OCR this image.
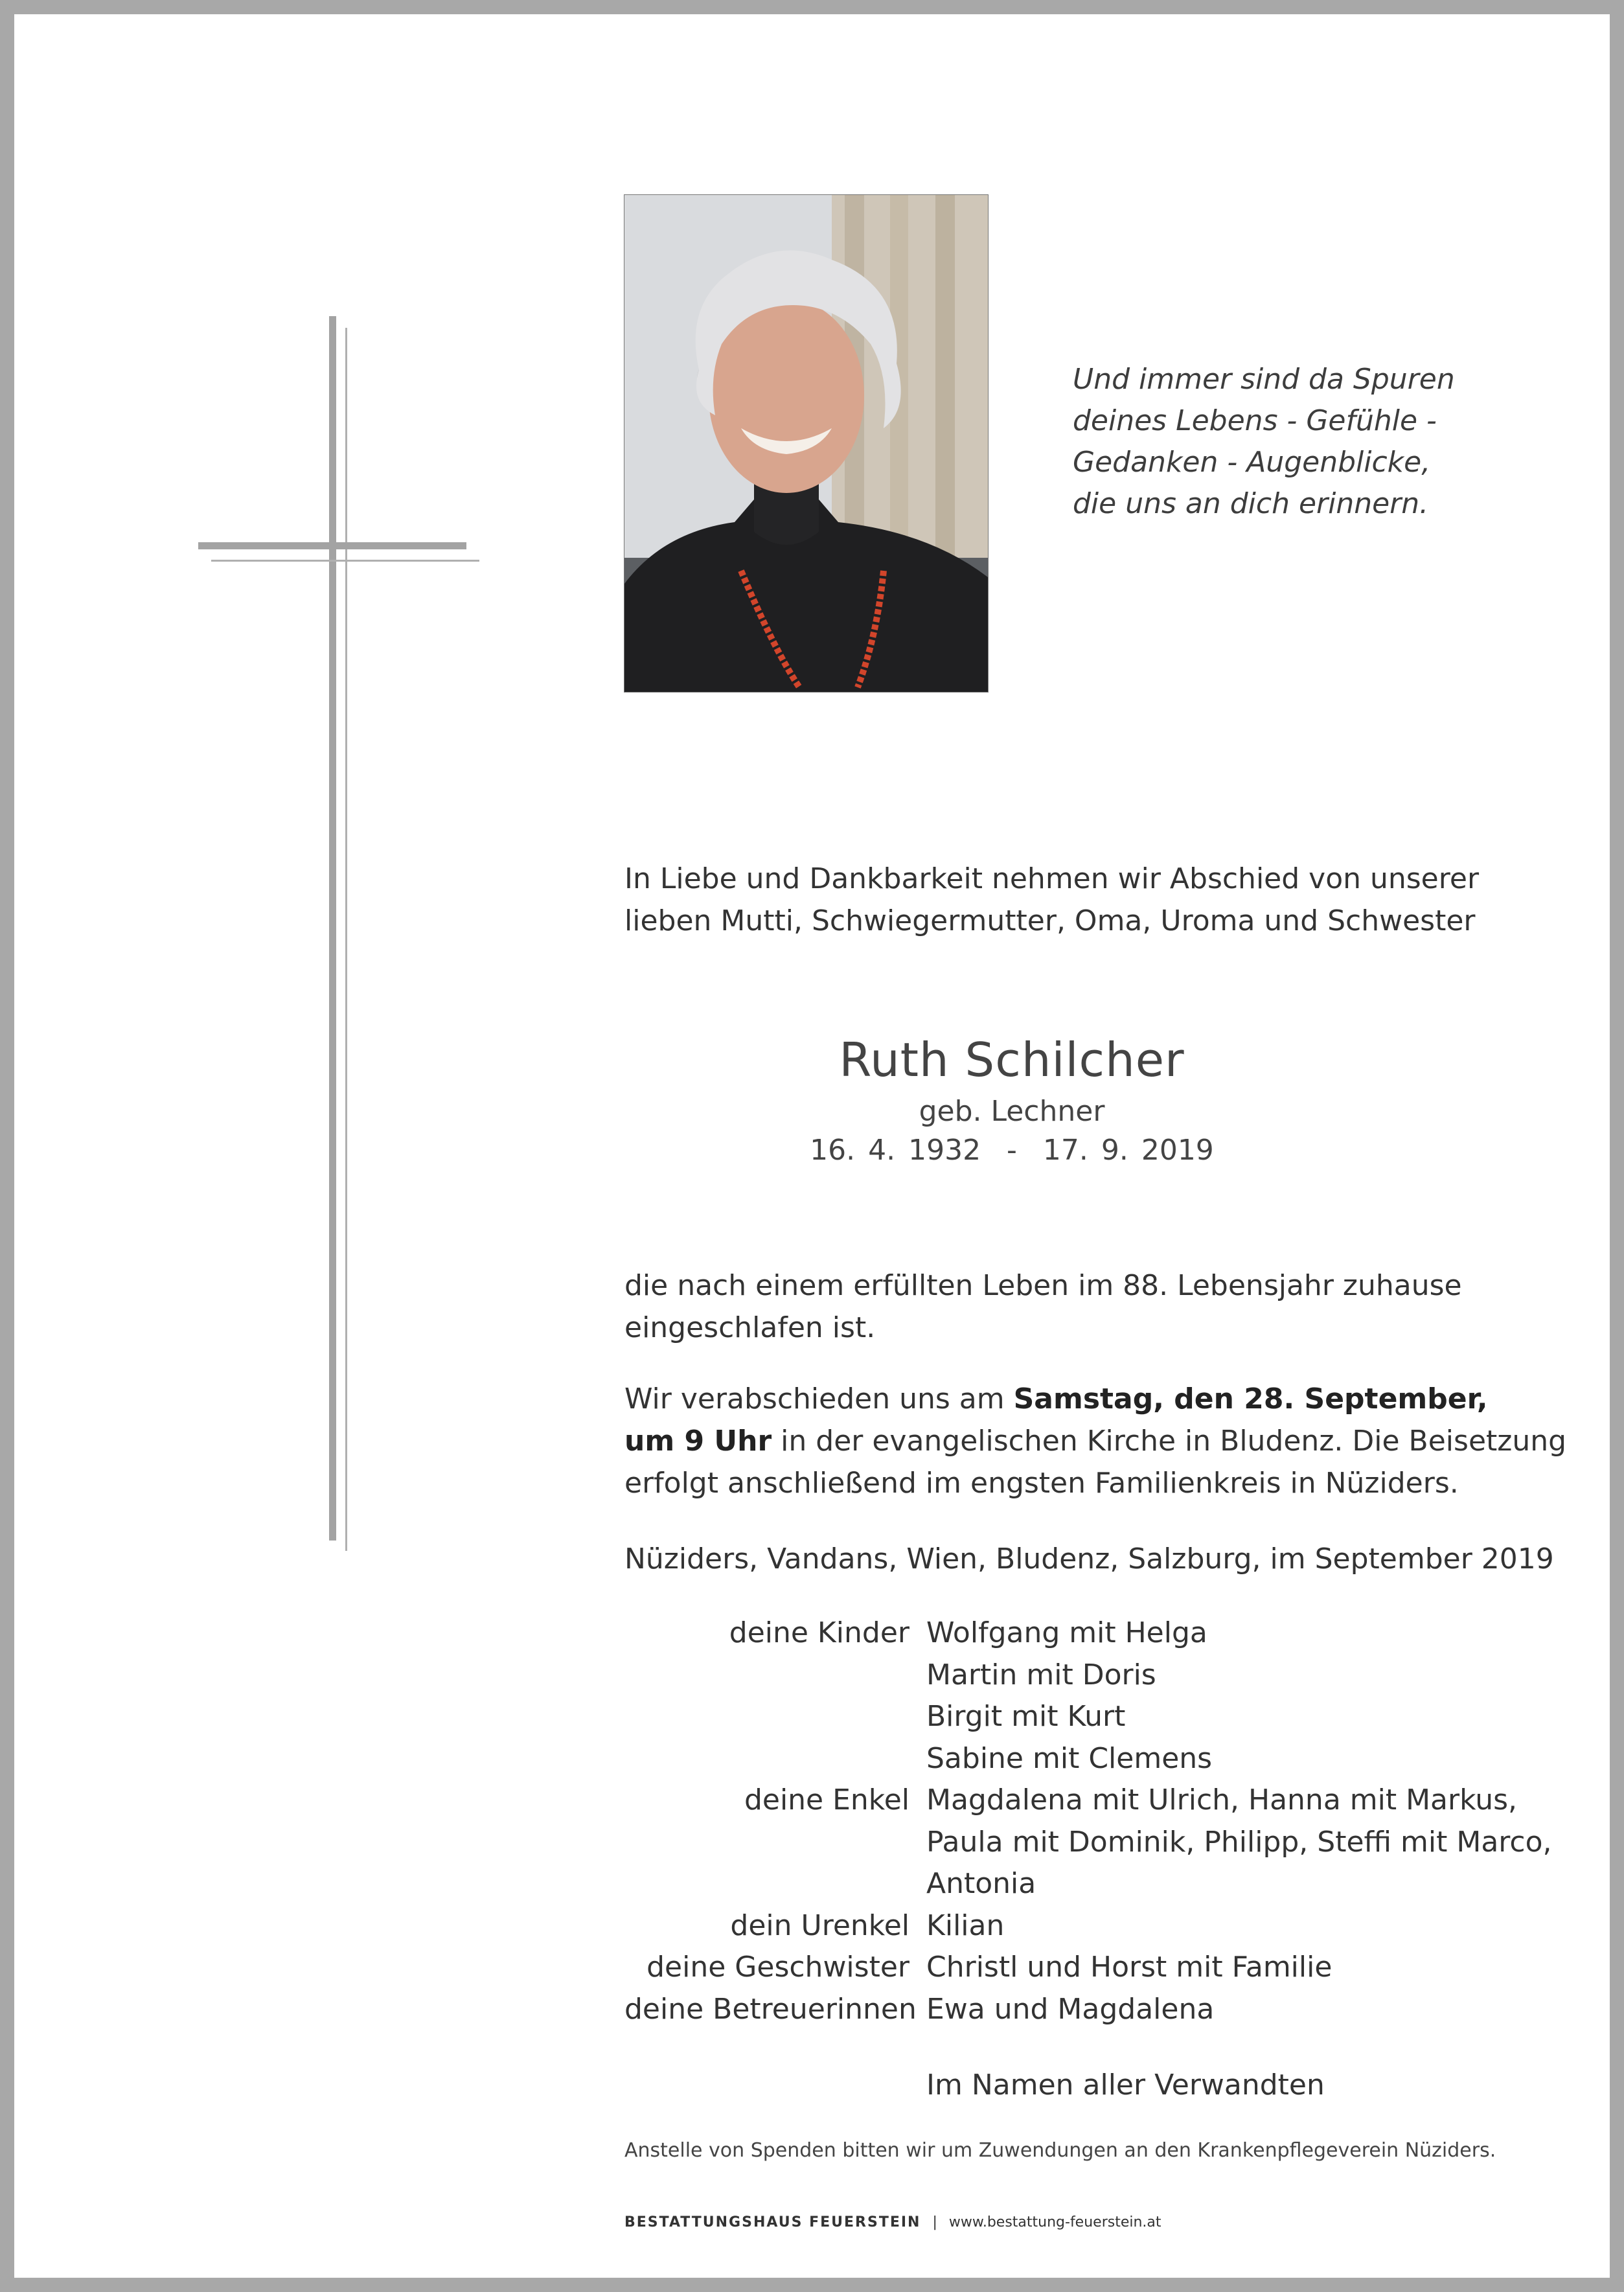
Und immer sind da Spuren
deines Lebens - Gefühle -
Gedanken - Augenblicke,
die uns an dich erinnern.
In Liebe und Dankbarkeit nehmen wir Abschied von unserer
lieben Mutti, Schwiegermutter, Oma, Uroma und Schwester
Ruth Schilcher
geb. Lechner
16. 4. 1932  -  17. 9. 2019
die nach einem erfüllten Leben im 88. Lebensjahr zuhause
eingeschlafen ist.
Wir verabschieden uns am Samstag, den 28. September,
um 9 Uhr in der evangelischen Kirche in Bludenz. Die Beisetzung
erfolgt anschließend im engsten Familienkreis in Nüziders.
Nüziders, Vandans, Wien, Bludenz, Salzburg, im September 2019
deine Kinder Wolfgang mit Helga
Martin mit Doris
Birgit mit Kurt
Sabine mit Clemens
deine Enkel Magdalena mit Ulrich, Hanna mit Markus,
Paula mit Dominik, Philipp, Steffi mit Marco,
Antonia
dein Urenkel Kilian
deine Geschwister Christl und Horst mit Familie
deine Betreuerinnen Ewa und Magdalena
Im Namen aller Verwandten
Anstelle von Spenden bitten wir um Zuwendungen an den Krankenpflegeverein Nüziders.
BESTATTUNGSHAUS FEUERSTEIN | www.bestattung-feuerstein.at
